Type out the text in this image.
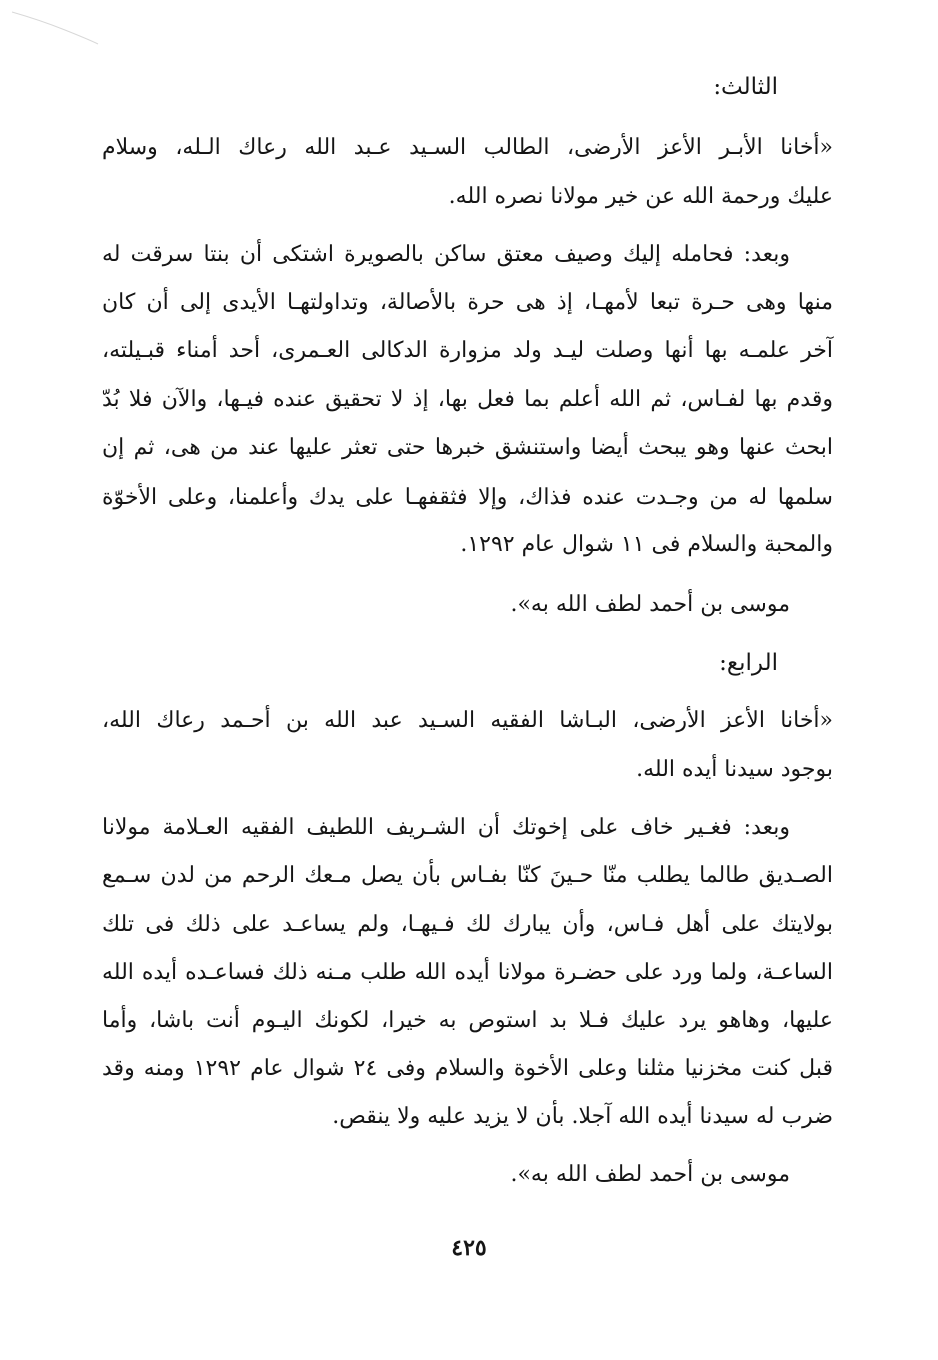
الثالث:
«أخانا الأبـر الأعز الأرضى، الطالب السـيد عـبد الله رعاك الـله، وسلام
عليك ورحمة الله عن خير مولانا نصره الله.
وبعد: فحامله إليك وصيف معتق ساكن بالصويرة اشتكى أن بنتا سرقت له
منها وهى حـرة تبعا لأمهـا، إذ هى حرة بالأصالة، وتداولتهـا الأيدى إلى أن كان
آخر علمـه بها أنها وصلت ليـد ولد مزوارة الدكالى العـمرى، أحد أمناء قبـيلته،
وقدم بها لفـاس، ثم الله أعلم بما فعل بها، إذ لا تحقيق عنده فيـها، والآن فلا بُدّ
ابحث عنها وهو يبحث أيضا واستنشق خبرها حتى تعثر عليها عند من هى، ثم إن
سلمها له من وجـدت عنده فذاك، وإلا فثقفهـا على يدك وأعلمنا، وعلى الأخوّة
والمحبة والسلام فى ١١ شوال عام ١٢٩٢.
موسى بن أحمد لطف الله به».
الرابع:
«أخانا الأعز الأرضى، البـاشا الفقيه السـيد عبد الله بن أحـمد رعاك الله،
بوجود سيدنا أيده الله.
وبعد: فغـير خاف على إخوتك أن الشـريف اللطيف الفقيه العـلامة مولانا
الصـديق طالما يطلب منّا حـينَ كنّا بفـاس بأن يصل مـعك الرحم من لدن سـمع
بولايتك على أهل فـاس، وأن يبارك لك فـيهـا، ولم يساعـد على ذلك فى تلك
الساعـة، ولما ورد على حضـرة مولانا أيده الله طلب مـنه ذلك فساعـده أيده الله
عليها، وهاهو يرد عليك فـلا بد استوص به خيرا، لكونك اليـوم أنت باشا، وأما
قبل كنت مخزنيا مثلنا وعلى الأخوة والسلام وفى ٢٤ شوال عام ١٢٩٢ ومنه وقد
ضرب له سيدنا أيده الله آجلا. بأن لا يزيد عليه ولا ينقص.
موسى بن أحمد لطف الله به».
٤٢٥
